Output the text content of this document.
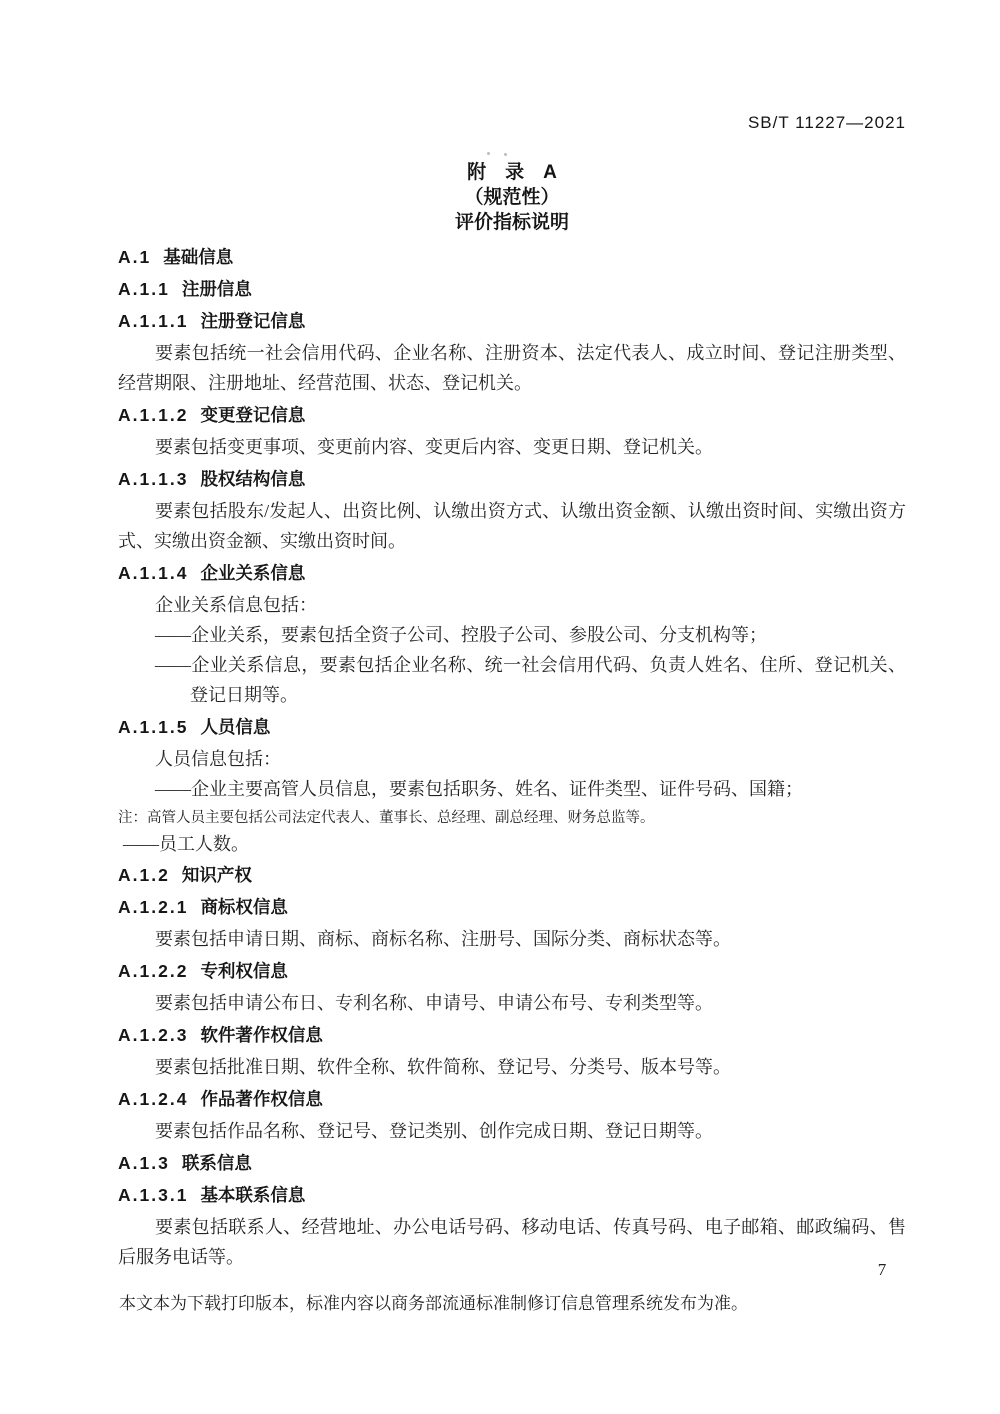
SB/T 11227—2021
附　录　A
（规范性）
评价指标说明
A.1 基础信息
A.1.1 注册信息
A.1.1.1 注册登记信息

要素包括统一社会信用代码、企业名称、注册资本、法定代表人、成立时间、登记注册类型、经营期限、注册地址、经营范围、状态、登记机关。

A.1.1.2 变更登记信息

要素包括变更事项、变更前内容、变更后内容、变更日期、登记机关。

A.1.1.3 股权结构信息

要素包括股东/发起人、出资比例、认缴出资方式、认缴出资金额、认缴出资时间、实缴出资方式、实缴出资金额、实缴出资时间。

A.1.1.4 企业关系信息

企业关系信息包括：

——企业关系，要素包括全资子公司、控股子公司、参股公司、分支机构等；

——企业关系信息，要素包括企业名称、统一社会信用代码、负责人姓名、住所、登记机关、登记日期等。

A.1.1.5 人员信息

人员信息包括：

——企业主要高管人员信息，要素包括职务、姓名、证件类型、证件号码、国籍；

注：高管人员主要包括公司法定代表人、董事长、总经理、副总经理、财务总监等。

——员工人数。

A.1.2 知识产权
A.1.2.1 商标权信息

要素包括申请日期、商标、商标名称、注册号、国际分类、商标状态等。

A.1.2.2 专利权信息

要素包括申请公布日、专利名称、申请号、申请公布号、专利类型等。

A.1.2.3 软件著作权信息

要素包括批准日期、软件全称、软件简称、登记号、分类号、版本号等。

A.1.2.4 作品著作权信息

要素包括作品名称、登记号、登记类别、创作完成日期、登记日期等。

A.1.3 联系信息
A.1.3.1 基本联系信息

要素包括联系人、经营地址、办公电话号码、移动电话、传真号码、电子邮箱、邮政编码、售后服务电话等。

7
本文本为下载打印版本，标准内容以商务部流通标准制修订信息管理系统发布为准。
